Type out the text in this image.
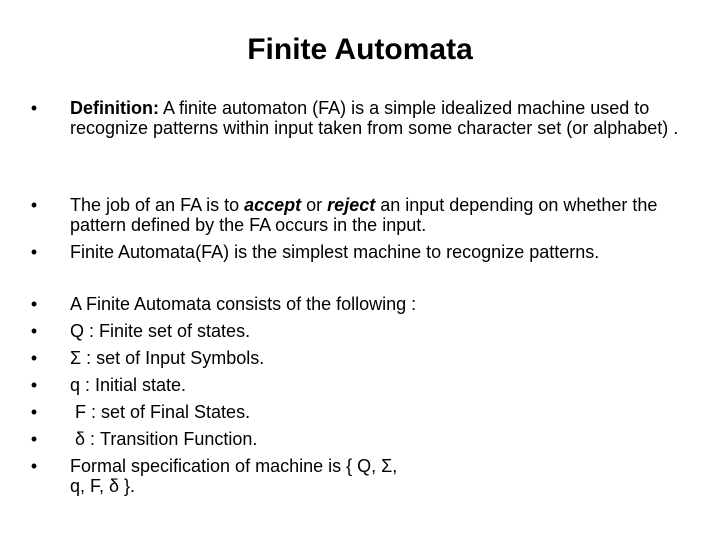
Finite Automata
• Definition: A finite automaton (FA) is a simple idealized machine used to recognize patterns within input taken from some character set (or alphabet) .
• The job of an FA is to accept or reject an input depending on whether the pattern defined by the FA occurs in the input.
• Finite Automata(FA) is the simplest machine to recognize patterns.
• A Finite Automata consists of the following :
• Q : Finite set of states.
• Σ : set of Input Symbols.
• q : Initial state.
• F : set of Final States.
• δ : Transition Function.
• Formal specification of machine is { Q, Σ, q, F, δ }.
